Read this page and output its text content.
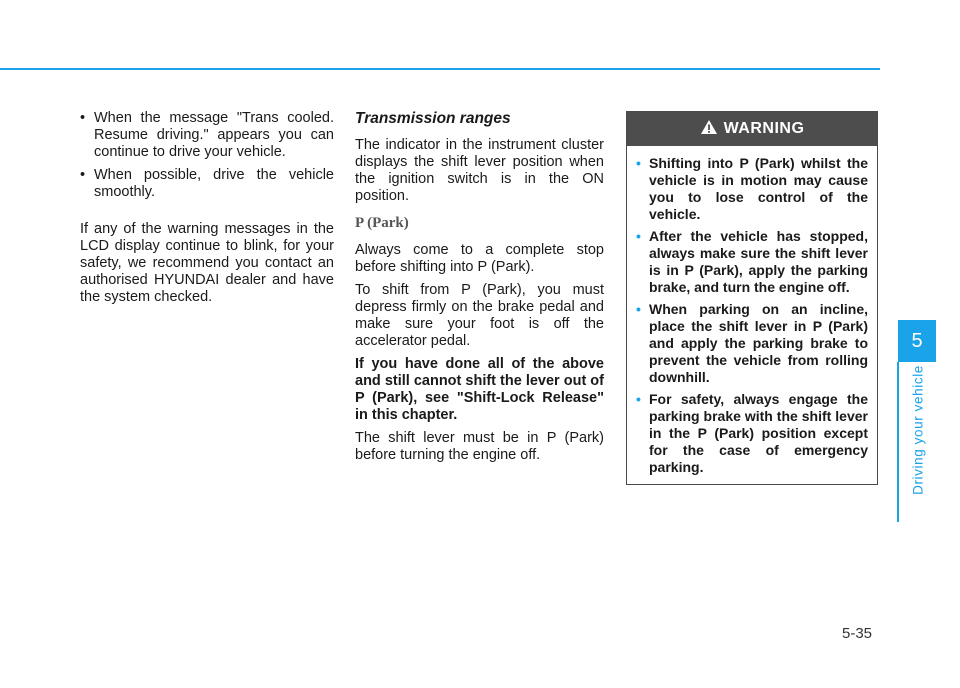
• When the message "Trans cooled. Resume driving." appears you can continue to drive your vehicle.
• When possible, drive the vehicle smoothly.

If any of the warning messages in the LCD display continue to blink, for your safety, we recommend you contact an authorised HYUNDAI dealer and have the system checked.

Transmission ranges

The indicator in the instrument cluster displays the shift lever position when the ignition switch is in the ON position.

P (Park)

Always come to a complete stop before shifting into P (Park).

To shift from P (Park), you must depress firmly on the brake pedal and make sure your foot is off the accelerator pedal.

If you have done all of the above and still cannot shift the lever out of P (Park), see "Shift-Lock Release" in this chapter.

The shift lever must be in P (Park) before turning the engine off.

WARNING
• Shifting into P (Park) whilst the vehicle is in motion may cause you to lose control of the vehicle.
• After the vehicle has stopped, always make sure the shift lever is in P (Park), apply the parking brake, and turn the engine off.
• When parking on an incline, place the shift lever in P (Park) and apply the parking brake to prevent the vehicle from rolling downhill.
• For safety, always engage the parking brake with the shift lever in the P (Park) position except for the case of emergency parking.
5
Driving your vehicle
5-35
